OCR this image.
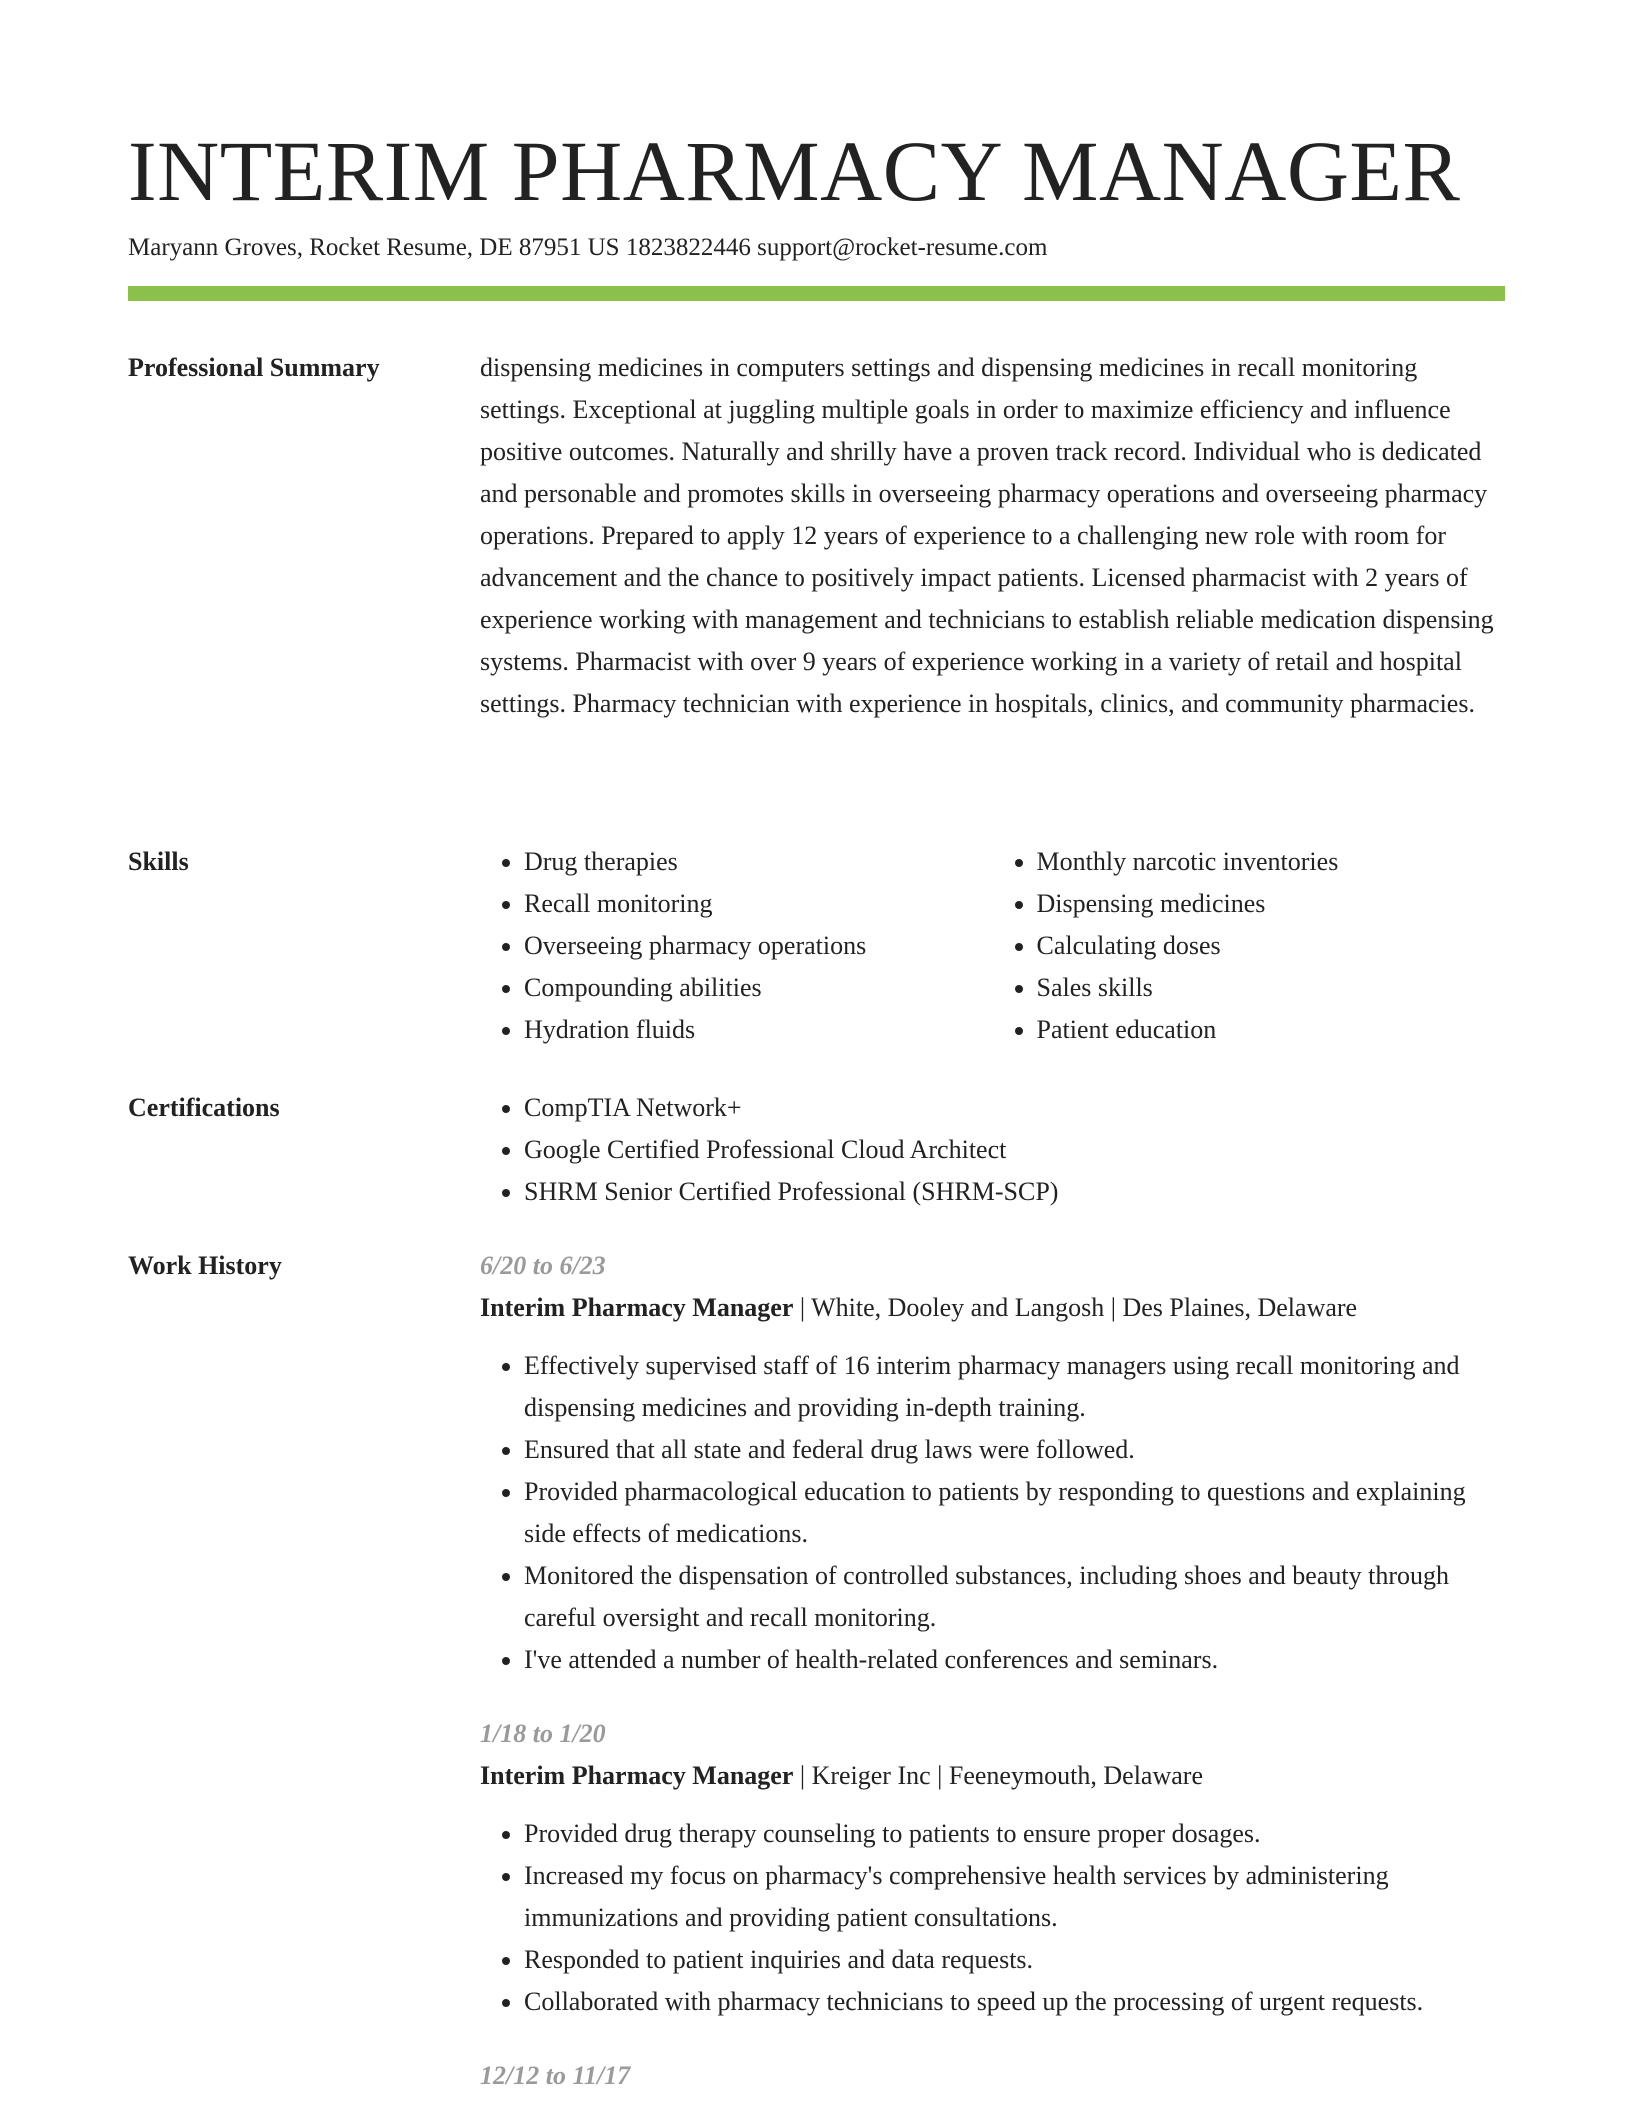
INTERIM PHARMACY MANAGER
Maryann Groves, Rocket Resume, DE 87951 US 1823822446 support@rocket-resume.com
Professional Summary	dispensing medicines in computers settings and dispensing medicines in recall monitoring settings. Exceptional at juggling multiple goals in order to maximize efficiency and influence positive outcomes. Naturally and shrilly have a proven track record. Individual who is dedicated and personable and promotes skills in overseeing pharmacy operations and overseeing pharmacy operations. Prepared to apply 12 years of experience to a challenging new role with room for advancement and the chance to positively impact patients. Licensed pharmacist with 2 years of experience working with management and technicians to establish reliable medication dispensing systems. Pharmacist with over 9 years of experience working in a variety of retail and hospital settings. Pharmacy technician with experience in hospitals, clinics, and community pharmacies.

Skills	• Drug therapies
• Recall monitoring
• Overseeing pharmacy operations
• Compounding abilities
• Hydration fluids
• Monthly narcotic inventories
• Dispensing medicines
• Calculating doses
• Sales skills
• Patient education
Certifications	• CompTIA Network+
• Google Certified Professional Cloud Architect
• SHRM Senior Certified Professional (SHRM-SCP)
Work History	6/20 to 6/23
Interim Pharmacy Manager | White, Dooley and Langosh | Des Plaines, Delaware
• Effectively supervised staff of 16 interim pharmacy managers using recall monitoring and dispensing medicines and providing in-depth training.
• Ensured that all state and federal drug laws were followed.
• Provided pharmacological education to patients by responding to questions and explaining side effects of medications.
• Monitored the dispensation of controlled substances, including shoes and beauty through careful oversight and recall monitoring.
• I've attended a number of health-related conferences and seminars.
1/18 to 1/20
Interim Pharmacy Manager | Kreiger Inc | Feeneymouth, Delaware
• Provided drug therapy counseling to patients to ensure proper dosages.
• Increased my focus on pharmacy's comprehensive health services by administering immunizations and providing patient consultations.
• Responded to patient inquiries and data requests.
• Collaborated with pharmacy technicians to speed up the processing of urgent requests.
12/12 to 11/17
